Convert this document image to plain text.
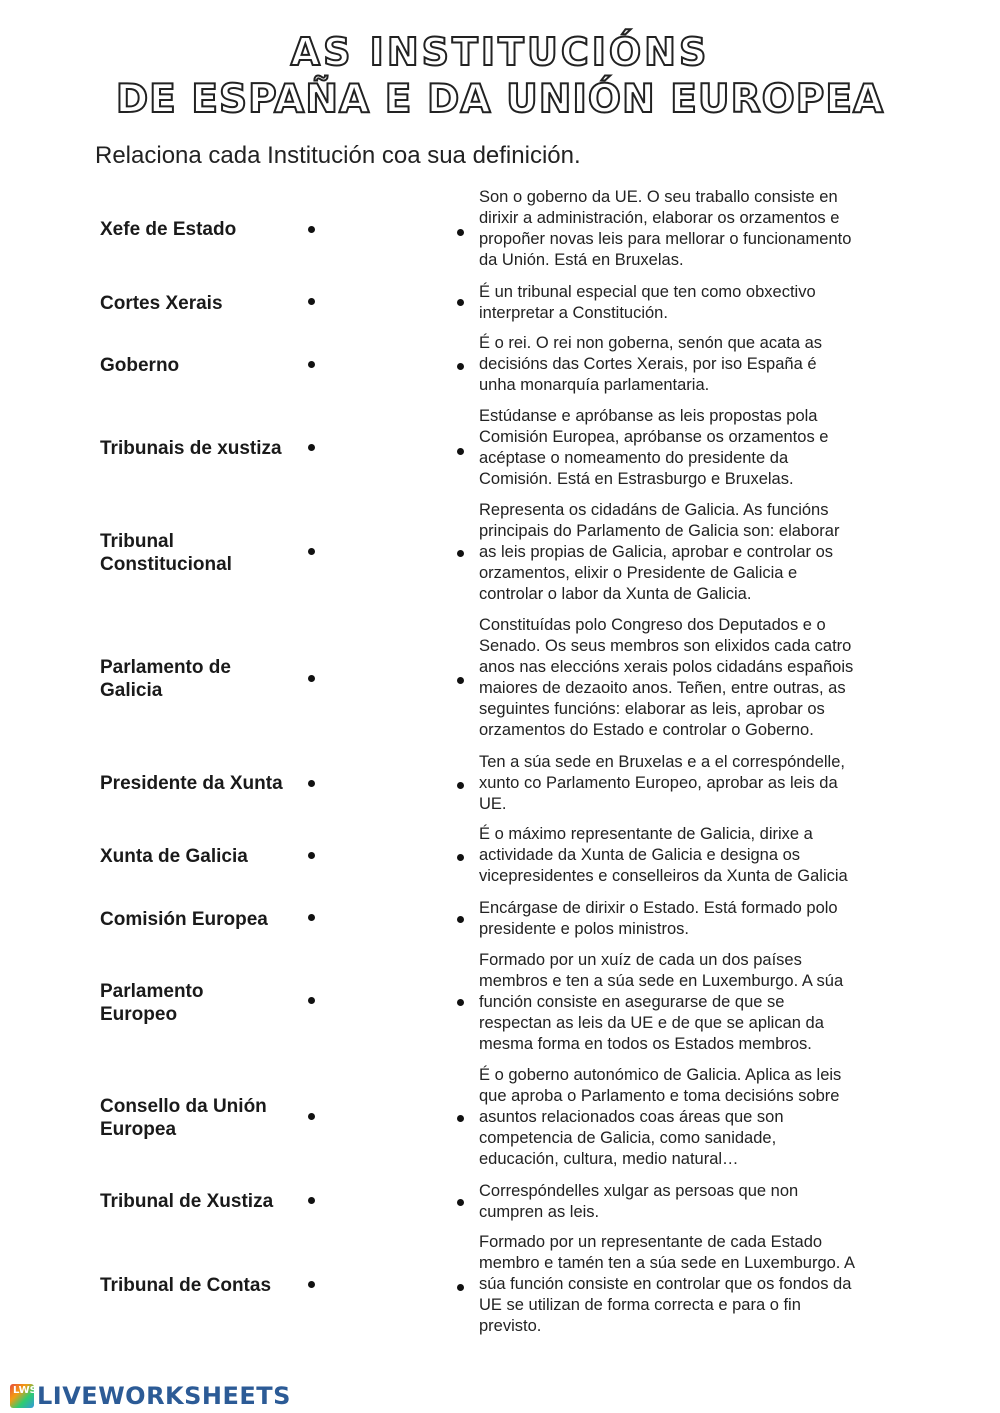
AS INSTITUCIÓNS
DE ESPAÑA E DA UNIÓN EUROPEA

Relaciona cada Institución coa sua definición.

Xefe de Estado
Son o goberno da UE. O seu traballo consiste en
dirixir a administración, elaborar os orzamentos e
propoñer novas leis para mellorar o funcionamento
da Unión. Está en Bruxelas.
Cortes Xerais
É un tribunal especial que ten como obxectivo
interpretar a Constitución.
Goberno
É o rei. O rei non goberna, senón que acata as
decisións das Cortes Xerais, por iso España é
unha monarquía parlamentaria.
Tribunais de xustiza
Estúdanse e apróbanse as leis propostas pola
Comisión Europea, apróbanse os orzamentos e
acéptase o nomeamento do presidente da
Comisión. Está en Estrasburgo e Bruxelas.
Tribunal
Constitucional
Representa os cidadáns de Galicia. As funcións
principais do Parlamento de Galicia son: elaborar
as leis propias de Galicia, aprobar e controlar os
orzamentos, elixir o Presidente de Galicia e
controlar o labor da Xunta de Galicia.
Parlamento de
Galicia
Constituídas polo Congreso dos Deputados e o
Senado. Os seus membros son elixidos cada catro
anos nas eleccións xerais polos cidadáns españois
maiores de dezaoito anos. Teñen, entre outras, as
seguintes funcións: elaborar as leis, aprobar os
orzamentos do Estado e controlar o Goberno.
Presidente da Xunta
Ten a súa sede en Bruxelas e a el correspóndelle,
xunto co Parlamento Europeo, aprobar as leis da
UE.
Xunta de Galicia
É o máximo representante de Galicia, dirixe a
actividade da Xunta de Galicia e designa os
vicepresidentes e conselleiros da Xunta de Galicia
Comisión Europea
Encárgase de dirixir o Estado. Está formado polo
presidente e polos ministros.
Parlamento
Europeo
Formado por un xuíz de cada un dos países
membros e ten a súa sede en Luxemburgo. A súa
función consiste en asegurarse de que se
respectan as leis da UE e de que se aplican da
mesma forma en todos os Estados membros.
Consello da Unión
Europea
É o goberno autonómico de Galicia. Aplica as leis
que aproba o Parlamento e toma decisións sobre
asuntos relacionados coas áreas que son
competencia de Galicia, como sanidade,
educación, cultura, medio natural…
Tribunal de Xustiza	Correspóndelles xulgar as persoas que non
cumpren as leis.
Tribunal de Contas
Formado por un representante de cada Estado
membro e tamén ten a súa sede en Luxemburgo. A
súa función consiste en controlar que os fondos da
UE se utilizan de forma correcta e para o fin
previsto.
LWS LIVEWORKSHEETS
